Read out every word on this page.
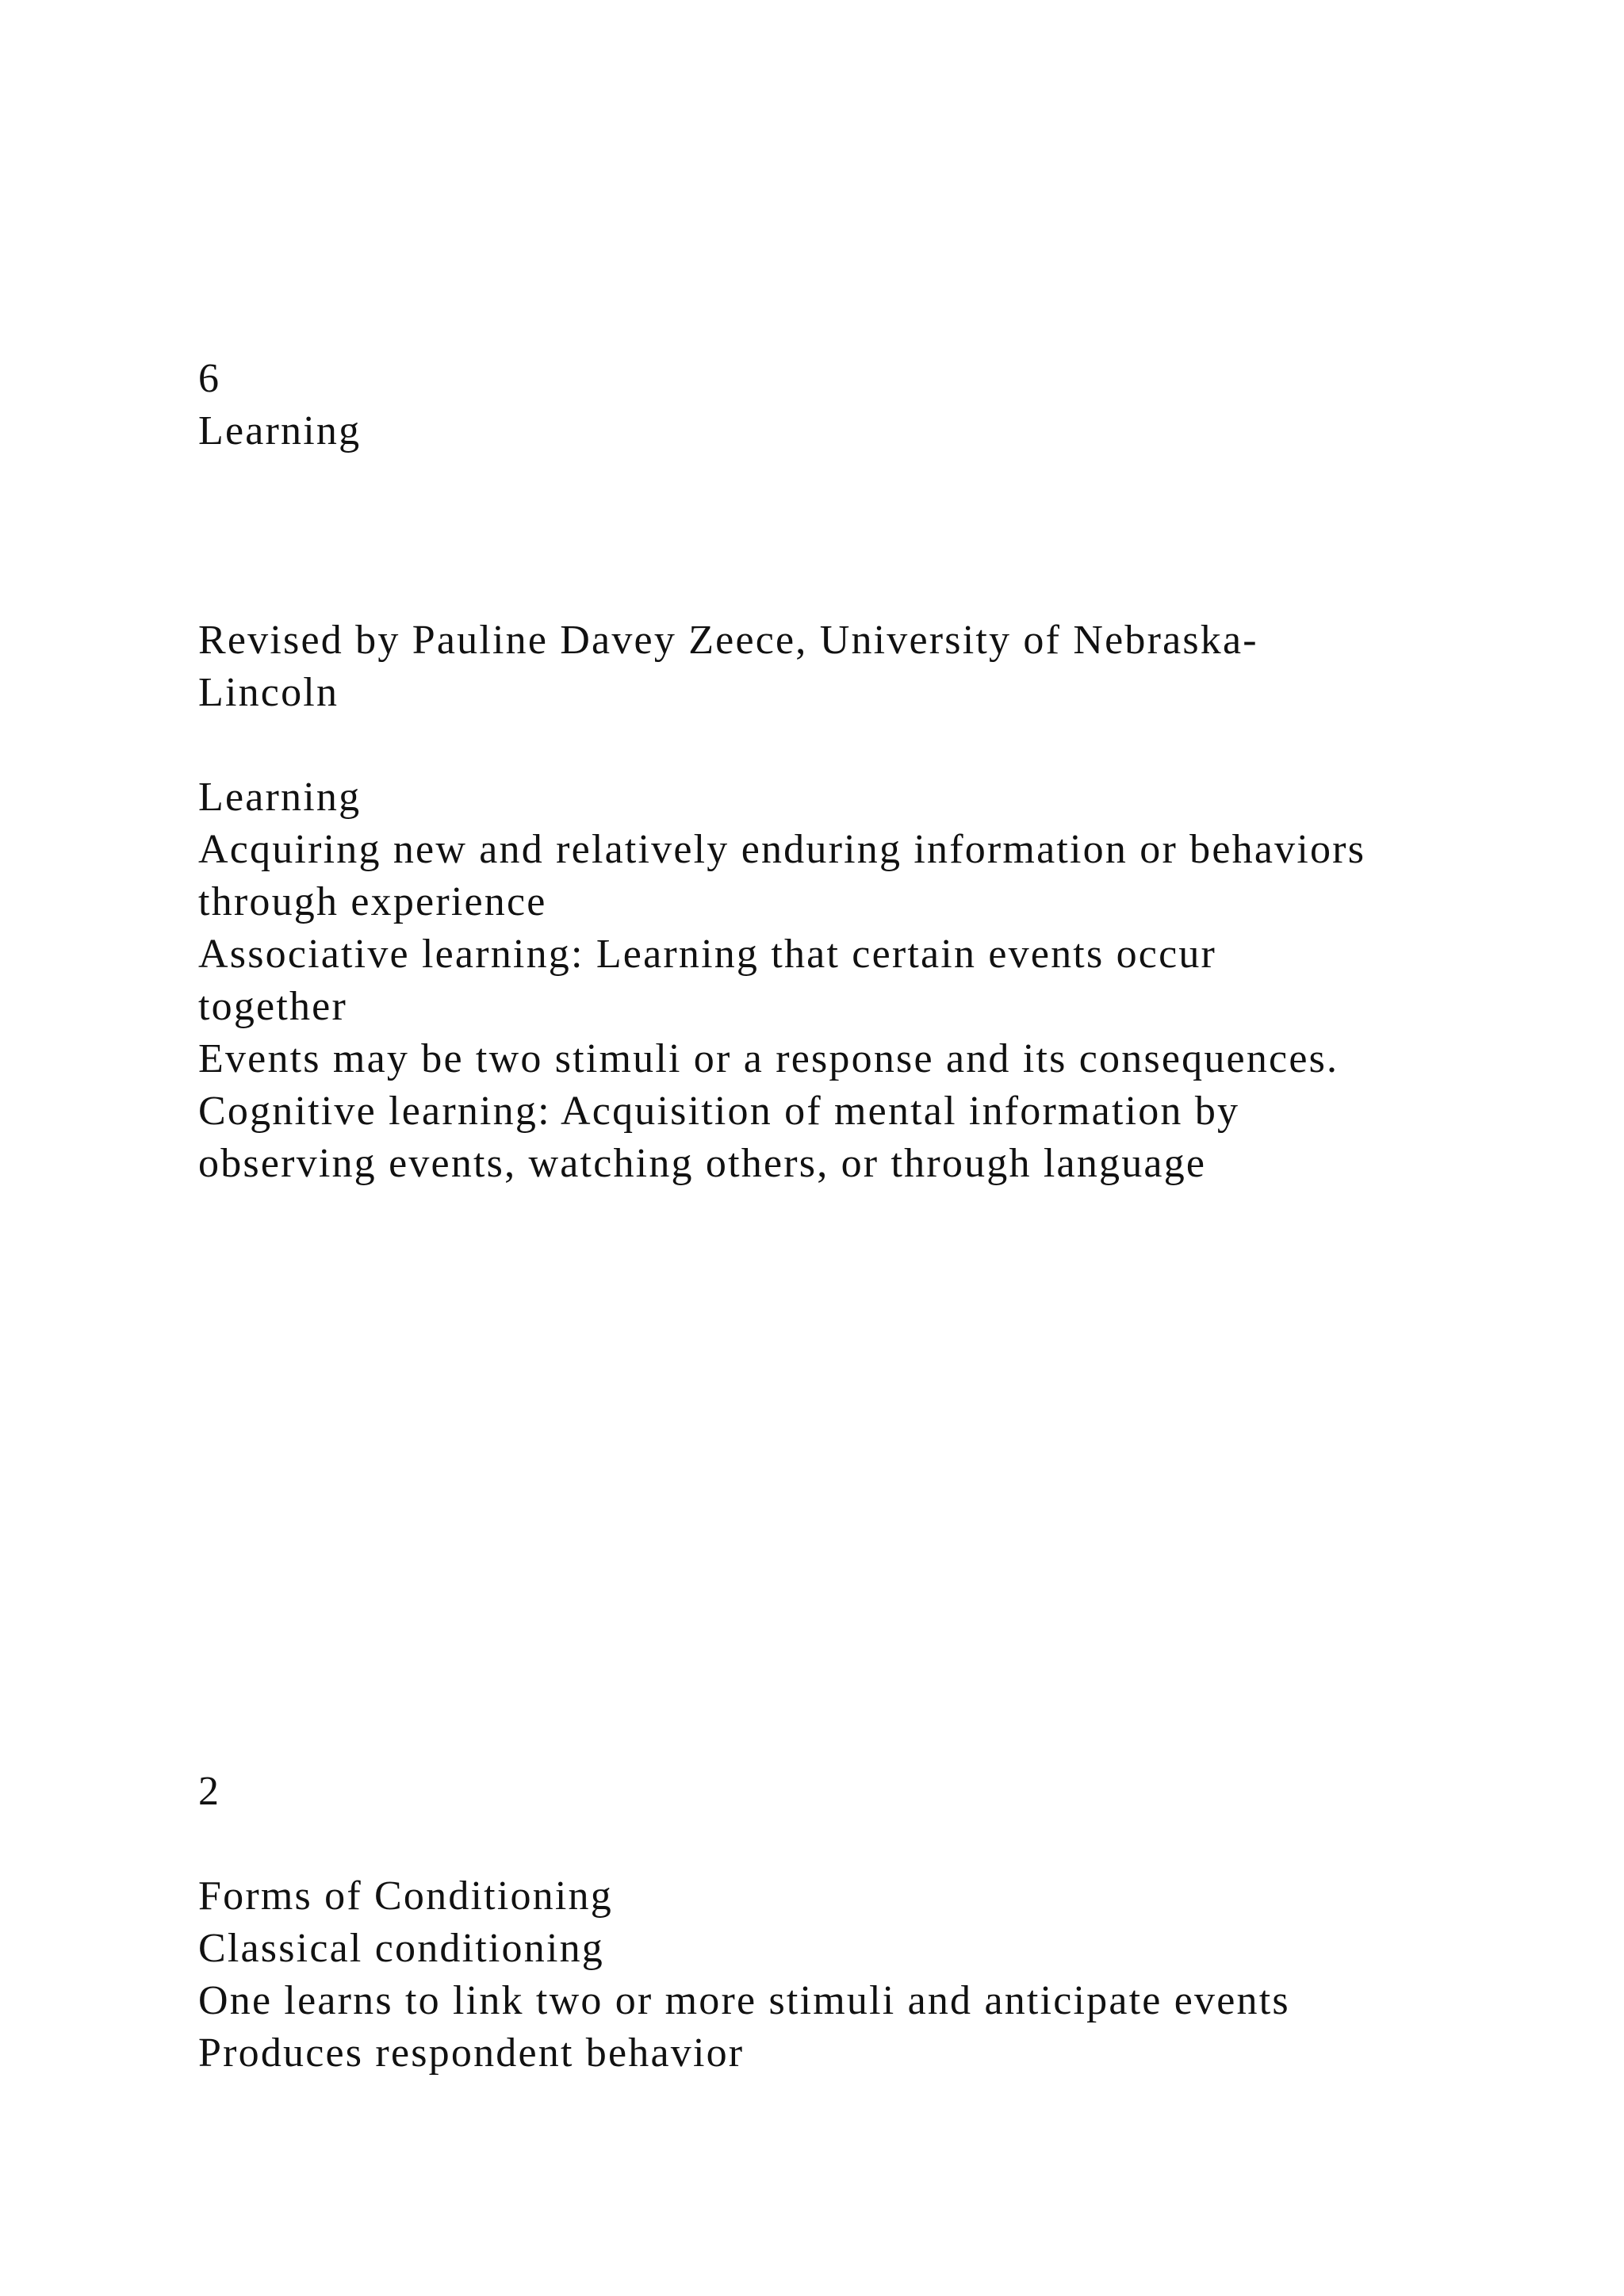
6

Learning

Revised by Pauline Davey Zeece, University of Nebraska-

Lincoln

Learning

Acquiring new and relatively enduring information or behaviors

through experience

Associative learning: Learning that certain events occur

together

Events may be two stimuli or a response and its consequences.

Cognitive learning: Acquisition of mental information by

observing events, watching others, or through language

2

Forms of Conditioning

Classical conditioning

One learns to link two or more stimuli and anticipate events

Produces respondent behavior
